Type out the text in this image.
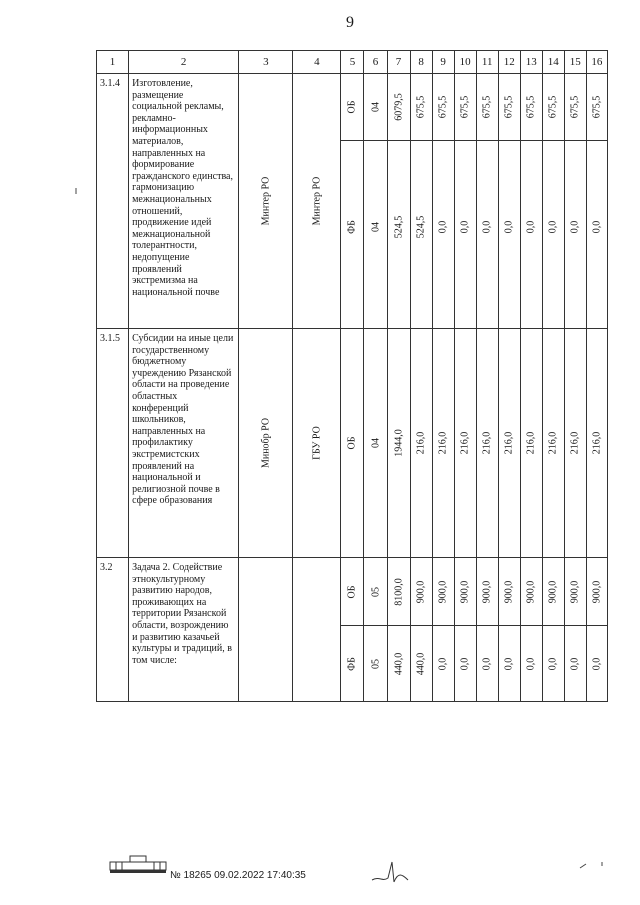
9
1	2	3	4	5	6	7	8	9	10	11	12	13	14	15	16
3.1.4	Изготовление, размещение социальной рекламы, рекламно-информационных материалов, направленных на формирование гражданского единства, гармонизацию межнациональных отношений, продвижение идей межнациональной толерантности, недопущение проявлений экстремизма на национальной почве	Минтер РО	Минтер РО	ОБ	04	6079,5	675,5	675,5	675,5	675,5	675,5	675,5	675,5	675,5	675,5

				ФБ	04	524,5	524,5	0,0	0,0	0,0	0,0	0,0	0,0	0,0	0,0

3.1.5	Субсидии на иные цели государственному бюджетному учреждению Рязанской области на проведение областных конференций школьников, направленных на профилактику экстремистских проявлений на национальной и религиозной почве в сфере образования	Минобр РО	ГБУ РО	ОБ	04	1944,0	216,0	216,0	216,0	216,0	216,0	216,0	216,0	216,0	216,0

3.2	Задача 2. Содействие этнокультурному развитию народов, проживающих на территории Рязанской области, возрождению и развитию казачьей культуры и традиций, в том числе:			ОБ	05	8100,0	900,0	900,0	900,0	900,0	900,0	900,0	900,0	900,0	900,0

				ФБ	05	440,0	440,0	0,0	0,0	0,0	0,0	0,0	0,0	0,0	0,0
№ 18265 09.02.2022 17:40:35
